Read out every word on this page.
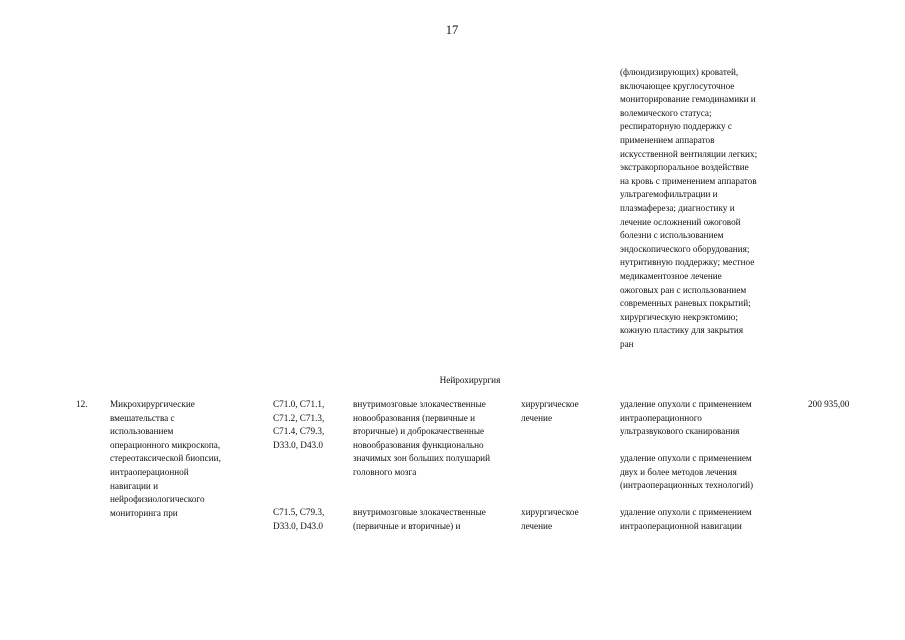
17
(флюидизирующих) кроватей,
включающее круглосуточное
мониторирование гемодинамики и
волемического статуса;
респираторную поддержку с
применением аппаратов
искусственной вентиляции легких;
экстракорпоральное воздействие
на кровь с применением аппаратов
ультрагемофильтрации и
плазмафереза; диагностику и
лечение осложнений ожоговой
болезни с использованием
эндоскопического оборудования;
нутритивную поддержку; местное
медикаментозное лечение
ожоговых ран с использованием
современных раневых покрытий;
хирургическую некрэктомию;
кожную пластику для закрытия
ран
Нейрохирургия
12.	Микрохирургические
вмешательства с
использованием
операционного микроскопа,
стереотаксической биопсии,
интраоперационной
навигации и
нейрофизиологического
мониторинга при
C71.0, C71.1,
C71.2, C71.3,
C71.4, C79.3,
D33.0, D43.0
внутримозговые злокачественные
новообразования (первичные и
вторичные) и доброкачественные
новообразования функционально
значимых зон больших полушарий
головного мозга
хирургическое
лечение
удаление опухоли с применением
интраоперационного
ультразвукового сканирования
удаление опухоли с применением
двух и более методов лечения
(интраоперационных технологий)
200 935,00
C71.5, C79.3,
D33.0, D43.0
внутримозговые злокачественные
(первичные и вторичные) и
хирургическое
лечение
удаление опухоли с применением
интраоперационной навигации
